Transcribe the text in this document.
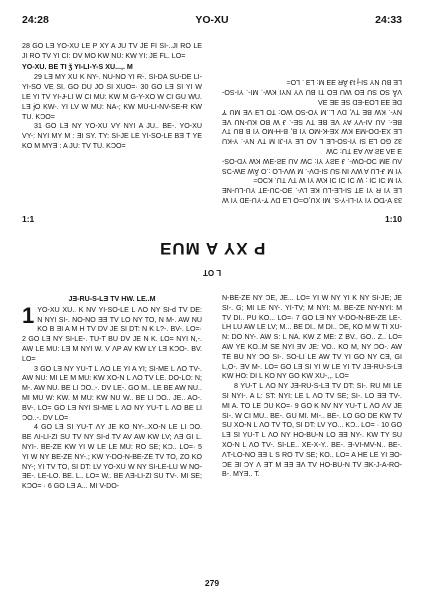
24:28	YO-XU	24:33

28 GO LƎ YO-XU LE P XY A JU TV JE FI SI-..JI RO LE JI RO TV YI CI: DV MO KW NU: KW YI: JE FL. LO=

YO-XU. BE TI ǯ YI-LI-Y-S XU...,. M

29 LƎ MY XU K NY-. NU-NO YI Ɍ-. SI-DA SU-DE LI-YI-SO VE SI. GO DU JO SI XUO=· 30 GO LƎ SI YI W LE YI TV YI-Ɉ-LI W CI MU: KW M G-Y-XO W CI GU WU. LƎ ɉO KW-. YI LV W MU: NA-; KW MU-LI-NV-SE-Ɍ KW TU. KƆO=

31 GO LƎ NY YO-XU VY NYI A JU.. BE-. YO-XU VY-: NYI MY M : ƎI SY. TY: SI-JE LE YI-SO-LE BƎ T YE KO M MYƎ : A JU: TV TU. KƆO=

33 Ɐ-ƊO YI YI-LI-Y-S. MI XU,O=O LƎ DV Ɏ-YU-ƎD YI W LE YI Ɍ YI ƎT SI-LE-LU KE LV-. ƎO-ƆU-ƎT YU-LU-NE YI M ƆI ƆI : W ƆI ƆI ƆI KW YI W TV TU. KƆO=

YI M Ɉ-LU A WV IN SU SI-DV-. M WV-LO :.O ǞW ƎW-ƆS ɅU ƎM ƆO-OW-. Ɉ ƎƧY YI: ƆW ɅU ƎƧ-ƎW KW YD-OS-Ǝ ƎΛ ƎƧ AV AƎ TU: ƆW

32 GO LƎ SI YI-SO-LE L ɅO LE YI-JI M TV NY-. Y-KU LE XƎ-DO-MƎ KW XE-K-MO YI B, B-H-MO YI B BU TV BE-. ɅU ɅI-VY AY VE BE TV SE-. Ɉ W BO KU-NU VE NY-. KW BE TV, DV L..M YO-SO WO: TO LƎ VE MU Ɏ DE ƎƎ LOƎ-ED SE ƎE ƎΛ

VǞ SO SU EO WU EO TI BU VY NYI KW-. MI-. YI-SO-LE BU NY SI-ɉ ʇɈ ǞɌ ƎƎ M: LƎ . LO=

1:1	1:10
P XY A MUƎ
L OT

JƎ-RU-S-LƎ TV HW. LE..M

1 YO-XU XU.. K NV YI-SO-LE L ɅO NY SI-d TV DE: N NYI SI-. NO-NO ƎƎ TV LO NY TO, N M-. AW NU KO B ƎI A M H TV DV JE SI DT: N K L?-. BV-. LO=· 2 GO LƎ NY SI-LE-. TU-T BU DV JE N K. LO= NYI N,-. AW LE MU: LƎ M NYI W. V ɅP AV KW LY LƎ KƆO-. BV. LO=

3 GO LƎ NY YU-T L ɅO LE YI A YI; SI-ME L ɅO TV-. AW NU: MI LE M MU: KW XO-N L ɅO TV LE. DO-LO: N; M-. AW NU. BE LI ƆO..-. DV LE-. GO M.. LE BE AW NU.. MI MU W: KW. M MU: KW NU W.. BE LI ƆO.. JE.. AO-. BV-. LO= GO LƎ NYI SI-ME L ɅO NY YU-T L ɅO BE LI ƆO..-. DV LO=

4 GO LƎ SI YU-T ɅY JE KO NY-..XO-N LE LI ƆO. BE ɅI-LI-ZI SU TV NY SI-d TV AV AW KW LV; ɅƎ GI L. NYI-. BE-ZE KW YI W LE LE MU: RO SE; KƆ.. LO=· 5 YI W NY BE-ZE NY-.; KW Y-DO-N-BE-ZE TV TO, ZO KO NY-; YI TV TO, SI DT: LV YO-XU W NY SI-LE-LU W NO-ƎE-. LE-LO. BE. L.. LO= W.. BE ɅƎ-LI-ZI SU TV-. MI SE; KƆO= · 6 GO LƎ A... MI V-DO-

N-BE-ZE NY ƆE, JE... LO= YI W NY YI K NY SI-JE; JE SI-. G; MI LE NY-. YI-TV; M NYI: M. BE-ZE NY-NYI: M TV DI.. PU KO... LO=· 7 GO LƎ NY V-DO-N-BE-ZE LE-. LH LU AW LE LV; M... BE DI.. M DI.. ƆE, KO M W TI XU-N: DO NY-. AW S: L NA. KW Z ME: Z BV.. GO.. Z.. LO= AW YE KO..M SE NYI ƎV JE: VO.. KO M, NY ƆO-. AW TE BU NY ƆO SI-. SO-LI LE AW TV YI GO NY CƎ, GI L,O-. ƎV M-. LO= GO LƎ SI YI W LE YI TV JƎ-RU-S-LƎ KW HO: DI L KO NY GO KW XU-,,. LO=

8 YU-T L ɅO NY JƎ-RU-S-LƎ TV DT: SI-. RU MI LE SI NYI-. A L: ST: NYI: LE L ɅO TV SE; SI-. LO ƎƎ TV-. MI A. TO LE ƆU KO=· 9 GO K NV NY YU-T L ɅO ɅV JE SI-. W CI MU.. BE-. GU MI. MI-.. BE-. LO GO DE KW TV SU XO-N L ɅO TV TO, SI DT: LV YO... KƆ.. LO= · 10 GO LƎ SI YU-T L ɅO NY HO-BU-N LO ƎƎ NY-. KW TY SU XO-N L ɅO TV-. SI-LE.. XE-X-Y.. BE-. Ǝ-VI-MV-N.. BE-. ɅT-LO-NO ƎƎ L S RO TV SE; KO.. LO= A HE LE YI ƎO-ƆE ƎI ƆY Ʌ ƎT M ƎƎ ƎΛ TV HO-BU-N TV ƎK-J-A-RO-B-. MYƎ.. T.

279
